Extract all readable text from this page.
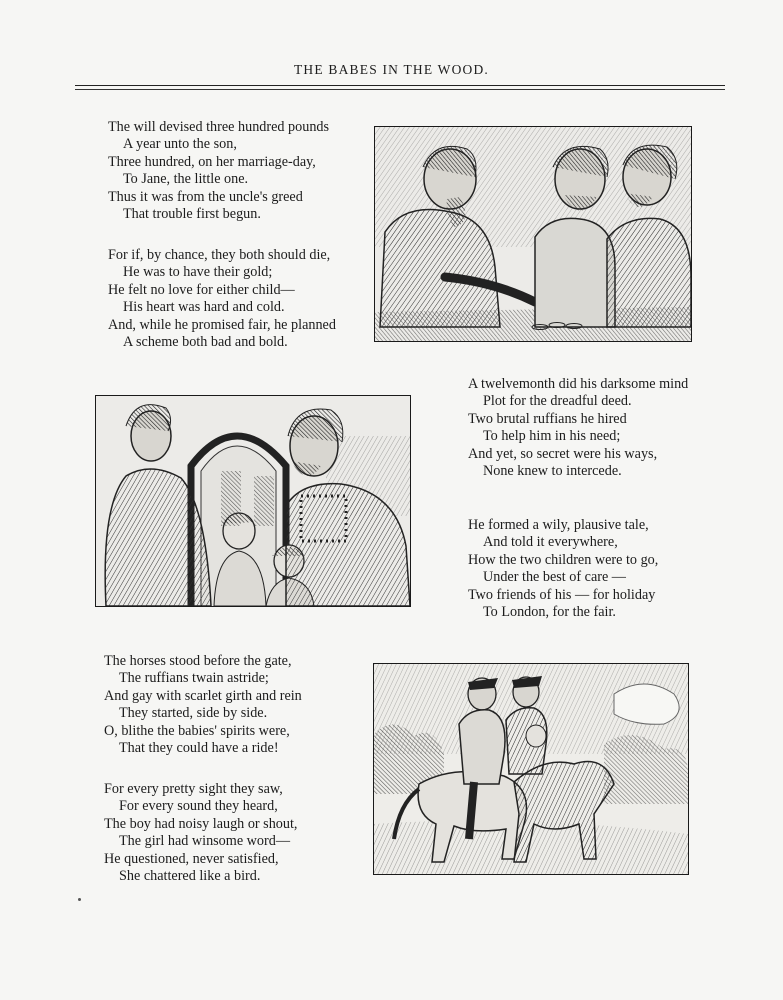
THE BABES IN THE WOOD.
The will devised three hundred pounds
A year unto the son,
Three hundred, on her marriage-day,
To Jane, the little one.
Thus it was from the uncle's greed
That trouble first begun.
For if, by chance, they both should die,
He was to have their gold;
He felt no love for either child—
His heart was hard and cold.
And, while he promised fair, he planned
A scheme both bad and bold.
A twelvemonth did his darksome mind
Plot for the dreadful deed.
Two brutal ruffians he hired
To help him in his need;
And yet, so secret were his ways,
None knew to intercede.
He formed a wily, plausive tale,
And told it everywhere,
How the two children were to go,
Under the best of care —
Two friends of his — for holiday
To London, for the fair.
The horses stood before the gate,
The ruffians twain astride;
And gay with scarlet girth and rein
They started, side by side.
O, blithe the babies' spirits were,
That they could have a ride!
For every pretty sight they saw,
For every sound they heard,
The boy had noisy laugh or shout,
The girl had winsome word—
He questioned, never satisfied,
She chattered like a bird.
